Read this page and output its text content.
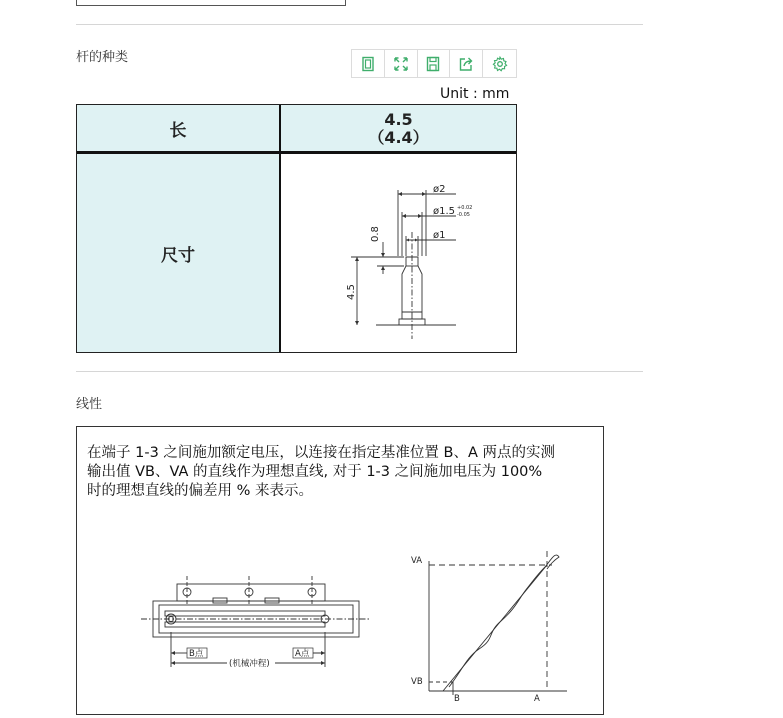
杆的种类
Unit : mm
长
4.5
（4.4）
尺寸
ø2
ø1.5 +0.02
-0.05
ø1
0.8
4.5
线性

在端子 1-3 之间施加额定电压，以连接在指定基准位置 B、A 两点的实测

输出值 VB、VA 的直线作为理想直线, 对于 1-3 之间施加电压为 100%

时的理想直线的偏差用 % 来表示。

B点	A点
(机械冲程)
VA
VB
B	A
